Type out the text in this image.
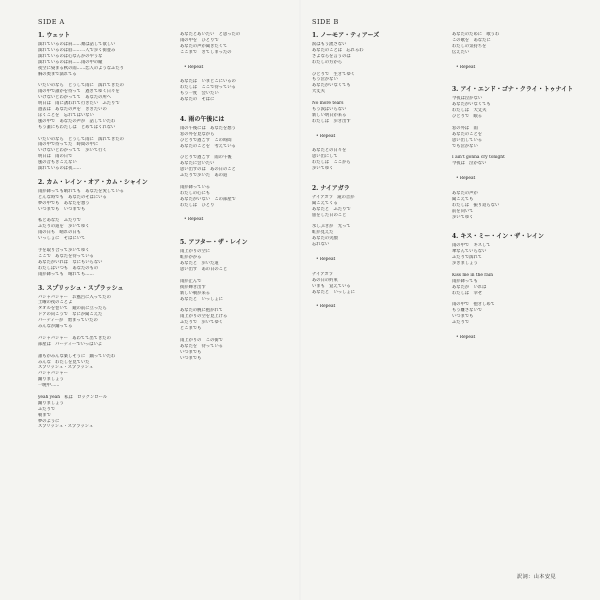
SIDE A	SIDE B
1. ウェット
濡れているのは肩……頬は話して欲しい
濡れているのは唇……二人で歩く街並み
濡れているのは心なんかのやうな
濡れているのは肩……雨の中の瞳
夜空に染まる秋の雨……恋人のようなふたり
胸の奥まで濡れてる

いたいのなら　どうして雨に　濡れてきたの
雨の中で誰かを待って　過ぎてゆく日々を
いけないとわかってて　あなたの所へ
明日は　雨に誘われて行きたい　ふたりで
過去は　あなたの声を　ききたいの
ぼくことを　忘れてはいない
風の中で　あなたの声が　話していたわ
もう誰にもわたしは　とめてはくれない

いたいのなら　どうして雨に　濡れてきたの
雨の中で待ってた　時間の中に
いけないとわかってて　歩いて行く
明日は　雨の日で
風の音もきこえない
濡れているのは夜……
2. カム・レイン・オア・カム・シャイン
雨が降っても晴れても　あなたを愛している
どんな時でも　あなたのそばにいる
夢の中でも　あなたを想う
いつまでも　いつまでも

私とあなた　ふたりで
ふたりの道を　歩いてゆく
雨の日も　晴れの日も
いっしょに　そばにいて

手を取り合って歩いてゆく
ここで　あなたを待っている
あなたがいれば　なにもいらない
わたしはいつも　あなたのもの
雨が降っても　晴れても……
3. スプリッシュ・スプラッシュ
バシャバシャー　お風呂に入ってたの
土曜の夜のことよ
タオルを巻いて　鏡の前に立ったら
ドアの向こうで　なにか聞こえた
パーティーが　始まっていたの
みんなが踊ってる

バシャバシャー　あわてて出てきたの
部屋は　パーティーでいっぱいよ

誰もがみんな楽しそうに　踊っていたわ
みんな　わたしを見ていた
スプリッシュ・スプラッシュ
バシャバシャー
踊りましょう
一晩中……

yeah yeah　私は　ロックンロール
踊りましょう
ふたりで
朝まで
夢のように
スプリッシュ・スプラッシュ
あなたとあいたい　と思ったの
雨の中を　ひとりで
あなたの声が聞きたくて
ここまで　きてしまったの

• Repeat

あなたは　いまどこにいるの
わたしは　ここで待っている
もう一度　会いたい
あなたの　そばに

4. 雨の午後には
雨の午後には　あなたを想う
窓の外を見ながら
ひとりで過ごす　この時間
あなたのことを　考えている

ひとりで過ごす　雨の午後
あなたに会いたい
思い出すのは　あの日のこと
ふたりで歩いた　あの道

雨が降っている
わたしの心にも
あなたがいない　この部屋で
わたしは　ひとり

• Repeat

5. アフター・ザ・レイン
雨上がりの空に
虹がかかる
あなたと　歩いた道
思い出す　あの日のこと

雨が止んで
街が輝き出す
新しい朝が来る
あなたと　いっしょに

あなたの腕に抱かれて
雨上がりの空を見上げる
ふたりで　歩いてゆく
どこまでも

雨上がりの　この街で
あなたを　待っている
いつまでも
いつまでも
1. ノーモア・ティアーズ
涙はもう流さない
あなたのことは　忘れるわ
さよならを言うのは
わたしの方から

ひとりで　生きてゆく
もう泣かない
あなたがいなくても
大丈夫

No more tears
もう涙はいらない
新しい明日が来る
わたしは　歩き出す

• Repeat

あなたとの日々を
思い出にして
わたしは　ここから
歩いてゆく

2. ナイアガラ
ナイアガラ　滝の音が
聞こえてくる
あなたと　ふたりで
旅をした日のこと

水しぶきが　光って
虹が見えた
あなたの笑顔
忘れない

• Repeat

ナイアガラ
あの日の約束
いまも　覚えている
あなたと　いっしょに

• Repeat
あなたのために　歌うわ
この歌を　あなたに
わたしの気持ちを
伝えたい

• Repeat

3. アイ・エンド・ゴナ・クライ・トゥナイト
今夜は泣かない
あなたがいなくても
わたしは　大丈夫
ひとりで　眠る

窓の外は　雨
あなたのことを
思い出している
でも泣かない

I ain't gonna cry tonight
今夜は　泣かない

• Repeat

あなたの声が
聞こえても
わたしは　振り返らない
前を向いて
歩いてゆく

4. キス・ミー・イン・ザ・レイン
雨の中で　キスして
傘なんていらない
ふたりで濡れて
歩きましょう

Kiss me in the rain
雨が降っても
あなたが　いれば
わたしは　幸せ

雨の中で　抱きしめて
もう離さないで
いつまでも
ふたりで

• Repeat
訳詞：山本安見
